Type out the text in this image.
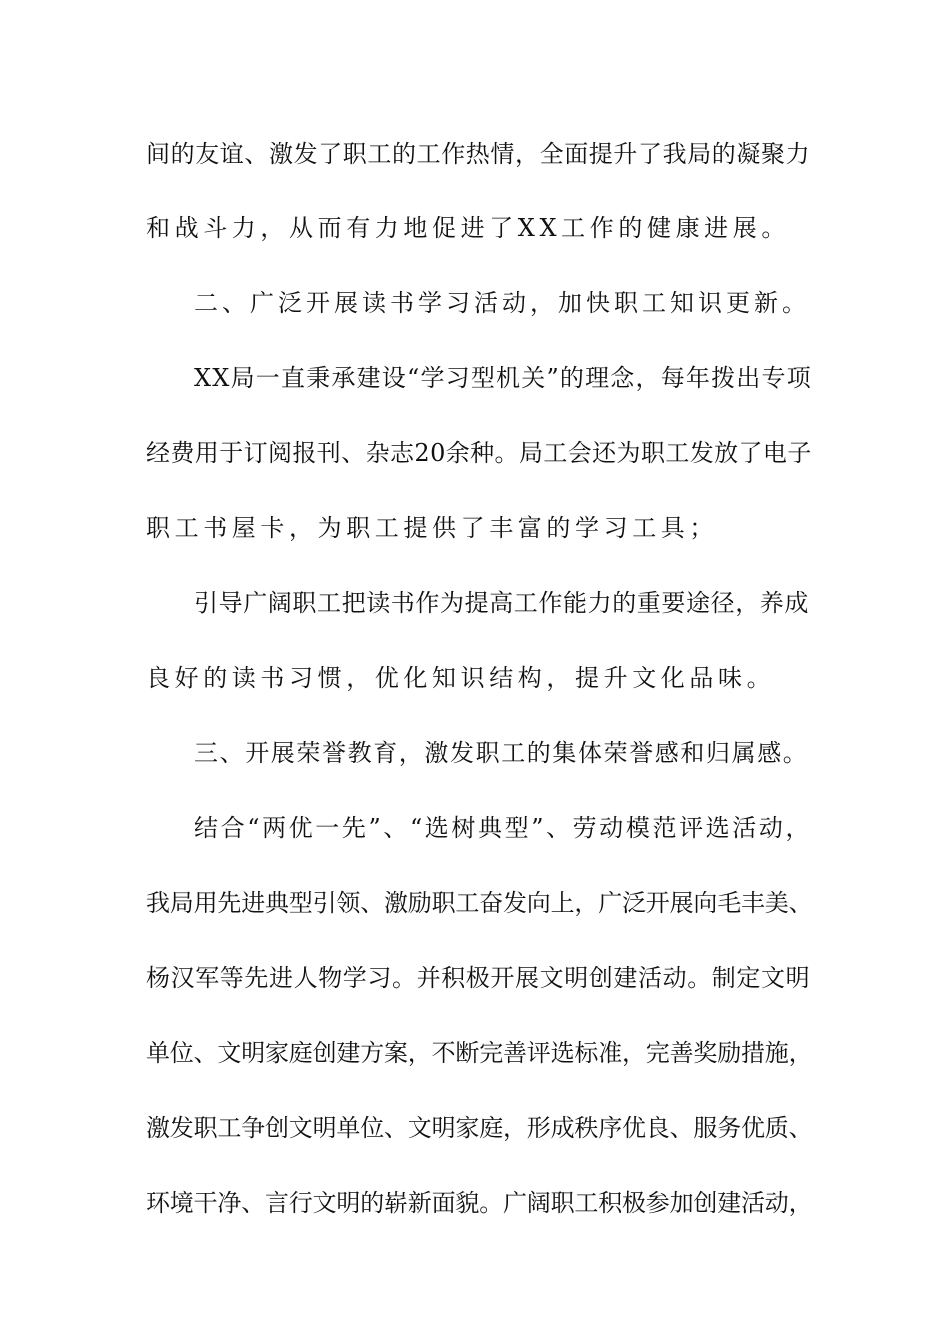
间的友谊、激发了职工的工作热情，全面提升了我局的凝聚力
和战斗力，从而有力地促进了XX工作的健康进展。
二、广泛开展读书学习活动，加快职工知识更新。
XX局一直秉承建设“学习型机关”的理念，每年拨出专项
经费用于订阅报刊、杂志20余种。局工会还为职工发放了电子
职工书屋卡，为职工提供了丰富的学习工具；
引导广阔职工把读书作为提高工作能力的重要途径，养成
良好的读书习惯，优化知识结构，提升文化品味。
三、开展荣誉教育，激发职工的集体荣誉感和归属感。
结合“两优一先”、“选树典型”、劳动模范评选活动，
我局用先进典型引领、激励职工奋发向上，广泛开展向毛丰美、
杨汉军等先进人物学习。并积极开展文明创建活动。制定文明
单位、文明家庭创建方案，不断完善评选标准，完善奖励措施，
激发职工争创文明单位、文明家庭，形成秩序优良、服务优质、
环境干净、言行文明的崭新面貌。广阔职工积极参加创建活动，
